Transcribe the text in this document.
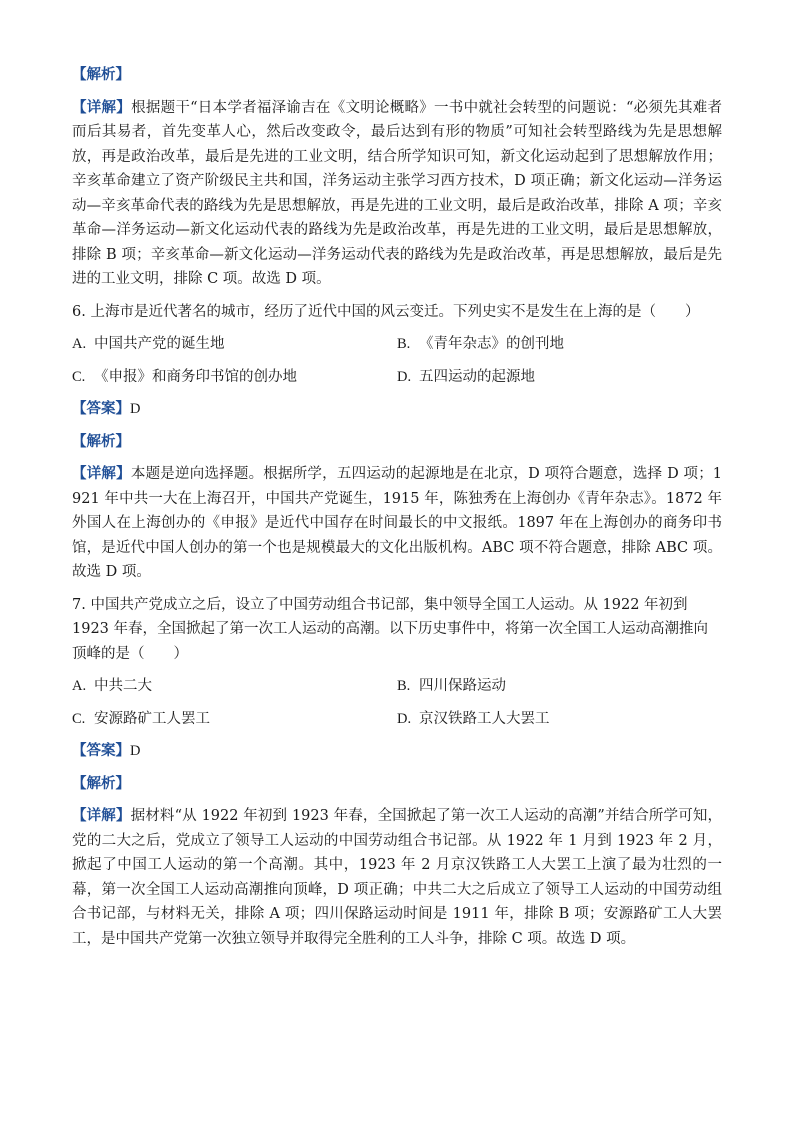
【解析】
【详解】根据题干“日本学者福泽谕吉在《文明论概略》一书中就社会转型的问题说：“必须先其难者而后其易者，首先变革人心，然后改变政令，最后达到有形的物质”可知社会转型路线为先是思想解放，再是政治改革，最后是先进的工业文明，结合所学知识可知，新文化运动起到了思想解放作用；辛亥革命建立了资产阶级民主共和国，洋务运动主张学习西方技术，D 项正确；新文化运动—洋务运动—辛亥革命代表的路线为先是思想解放，再是先进的工业文明，最后是政治改革，排除 A 项；辛亥革命—洋务运动—新文化运动代表的路线为先是政治改革，再是先进的工业文明，最后是思想解放，排除 B 项；辛亥革命—新文化运动—洋务运动代表的路线为先是政治改革，再是思想解放，最后是先进的工业文明，排除 C 项。故选 D 项。
6. 上海市是近代著名的城市，经历了近代中国的风云变迁。下列史实不是发生在上海的是（　　）
A. 中国共产党的诞生地	B. 《青年杂志》的创刊地
C. 《申报》和商务印书馆的创办地	D. 五四运动的起源地
【答案】D
【解析】
【详解】本题是逆向选择题。根据所学，五四运动的起源地是在北京，D 项符合题意，选择 D 项；1921 年中共一大在上海召开，中国共产党诞生，1915 年，陈独秀在上海创办《青年杂志》。1872 年外国人在上海创办的《申报》是近代中国存在时间最长的中文报纸。1897 年在上海创办的商务印书馆，是近代中国人创办的第一个也是规模最大的文化出版机构。ABC 项不符合题意，排除 ABC 项。故选 D 项。
7. 中国共产党成立之后，设立了中国劳动组合书记部，集中领导全国工人运动。从 1922 年初到 1923 年春，全国掀起了第一次工人运动的高潮。以下历史事件中，将第一次全国工人运动高潮推向顶峰的是（　　）
A. 中共二大	B. 四川保路运动
C. 安源路矿工人罢工	D. 京汉铁路工人大罢工
【答案】D
【解析】
【详解】据材料“从 1922 年初到 1923 年春，全国掀起了第一次工人运动的高潮”并结合所学可知，党的二大之后，党成立了领导工人运动的中国劳动组合书记部。从 1922 年 1 月到 1923 年 2 月，掀起了中国工人运动的第一个高潮。其中，1923 年 2 月京汉铁路工人大罢工上演了最为壮烈的一幕，第一次全国工人运动高潮推向顶峰，D 项正确；中共二大之后成立了领导工人运动的中国劳动组合书记部，与材料无关，排除 A 项；四川保路运动时间是 1911 年，排除 B 项；安源路矿工人大罢工，是中国共产党第一次独立领导并取得完全胜利的工人斗争，排除 C 项。故选 D 项。
